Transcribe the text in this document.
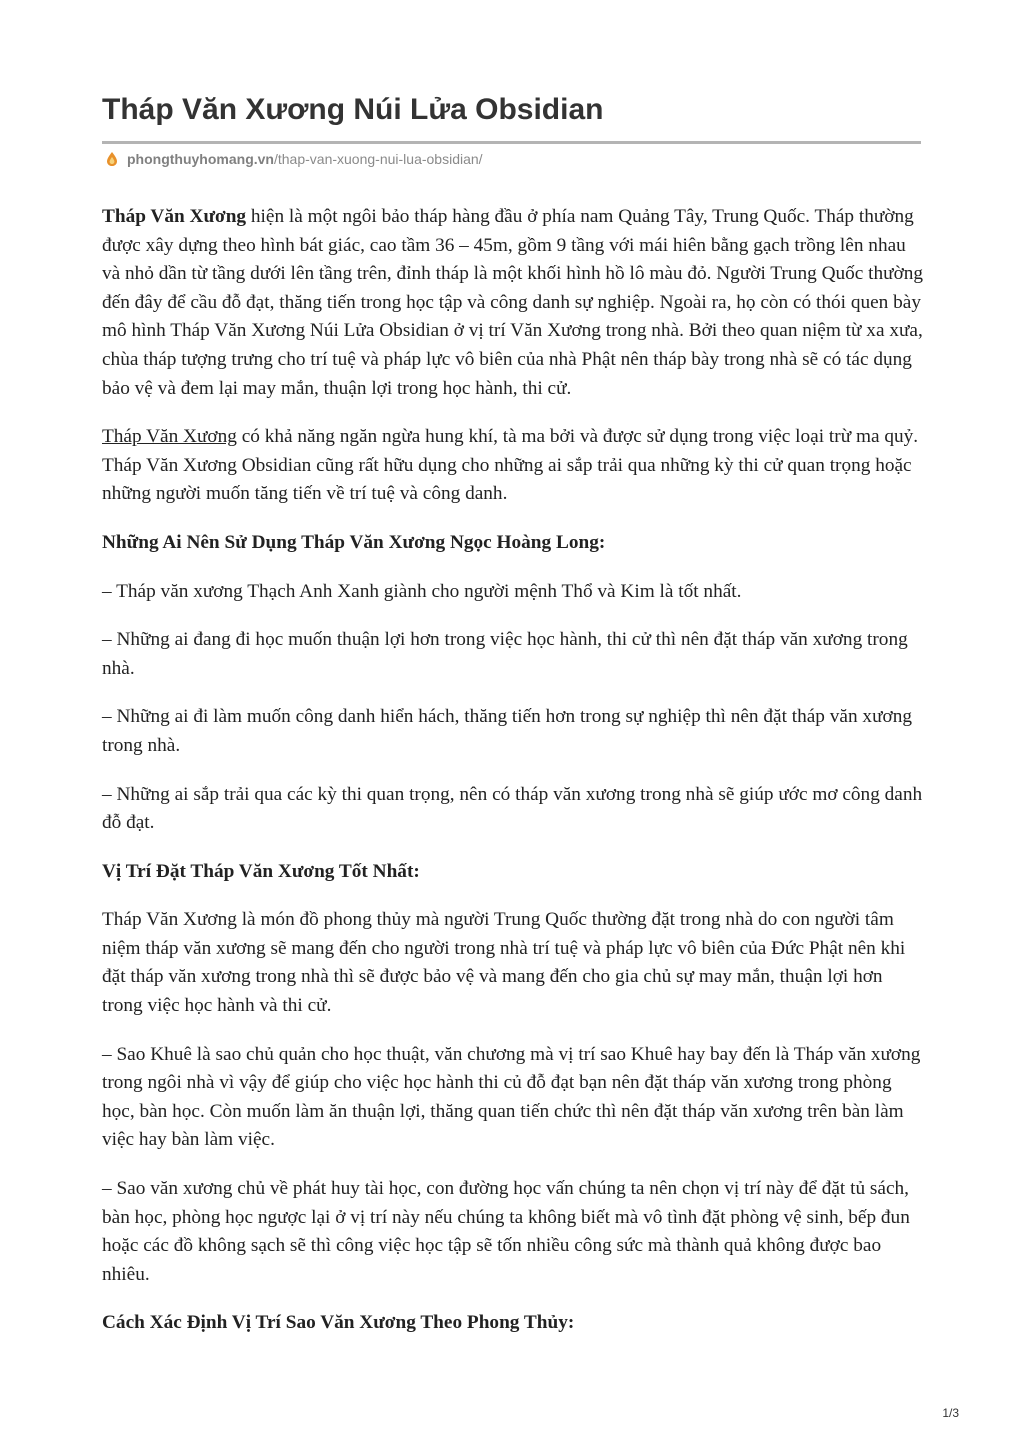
Tháp Văn Xương Núi Lửa Obsidian
phongthuyhomang.vn /thap-van-xuong-nui-lua-obsidian/

Tháp Văn Xương hiện là một ngôi bảo tháp hàng đầu ở phía nam Quảng Tây, Trung Quốc. Tháp thường được xây dựng theo hình bát giác, cao tầm 36 – 45m, gồm 9 tầng với mái hiên bằng gạch trồng lên nhau và nhỏ dần từ tầng dưới lên tầng trên, đỉnh tháp là một khối hình hồ lô màu đỏ. Người Trung Quốc thường đến đây để cầu đỗ đạt, thăng tiến trong học tập và công danh sự nghiệp. Ngoài ra, họ còn có thói quen bày mô hình Tháp Văn Xương Núi Lửa Obsidian ở vị trí Văn Xương trong nhà. Bởi theo quan niệm từ xa xưa, chùa tháp tượng trưng cho trí tuệ và pháp lực vô biên của nhà Phật nên tháp bày trong nhà sẽ có tác dụng bảo vệ và đem lại may mắn, thuận lợi trong học hành, thi cử.

Tháp Văn Xương có khả năng ngăn ngừa hung khí, tà ma bởi và được sử dụng trong việc loại trừ ma quỷ. Tháp Văn Xương Obsidian cũng rất hữu dụng cho những ai sắp trải qua những kỳ thi cử quan trọng hoặc những người muốn tăng tiến về trí tuệ và công danh.

Những Ai Nên Sử Dụng Tháp Văn Xương Ngọc Hoàng Long:

– Tháp văn xương Thạch Anh Xanh giành cho người mệnh Thổ và Kim là tốt nhất.

– Những ai đang đi học muốn thuận lợi hơn trong việc học hành, thi cử thì nên đặt tháp văn xương trong nhà.

– Những ai đi làm muốn công danh hiển hách, thăng tiến hơn trong sự nghiệp thì nên đặt tháp văn xương trong nhà.

– Những ai sắp trải qua các kỳ thi quan trọng, nên có tháp văn xương trong nhà sẽ giúp ước mơ công danh đỗ đạt.

Vị Trí Đặt Tháp Văn Xương Tốt Nhất:

Tháp Văn Xương là món đồ phong thủy mà người Trung Quốc thường đặt trong nhà do con người tâm niệm tháp văn xương sẽ mang đến cho người trong nhà trí tuệ và pháp lực vô biên của Đức Phật nên khi đặt tháp văn xương trong nhà thì sẽ được bảo vệ và mang đến cho gia chủ sự may mắn, thuận lợi hơn trong việc học hành và thi cử.

– Sao Khuê là sao chủ quản cho học thuật, văn chương mà vị trí sao Khuê hay bay đến là Tháp văn xương trong ngôi nhà vì vậy để giúp cho việc học hành thi củ đỗ đạt bạn nên đặt tháp văn xương trong phòng học, bàn học. Còn muốn làm ăn thuận lợi, thăng quan tiến chức thì nên đặt tháp văn xương trên bàn làm việc hay bàn làm việc.

– Sao văn xương chủ về phát huy tài học, con đường học vấn chúng ta nên chọn vị trí này để đặt tủ sách, bàn học, phòng học ngược lại ở vị trí này nếu chúng ta không biết mà vô tình đặt phòng vệ sinh, bếp đun hoặc các đồ không sạch sẽ thì công việc học tập sẽ tốn nhiều công sức mà thành quả không được bao nhiêu.

Cách Xác Định Vị Trí Sao Văn Xương Theo Phong Thủy:
1/3
